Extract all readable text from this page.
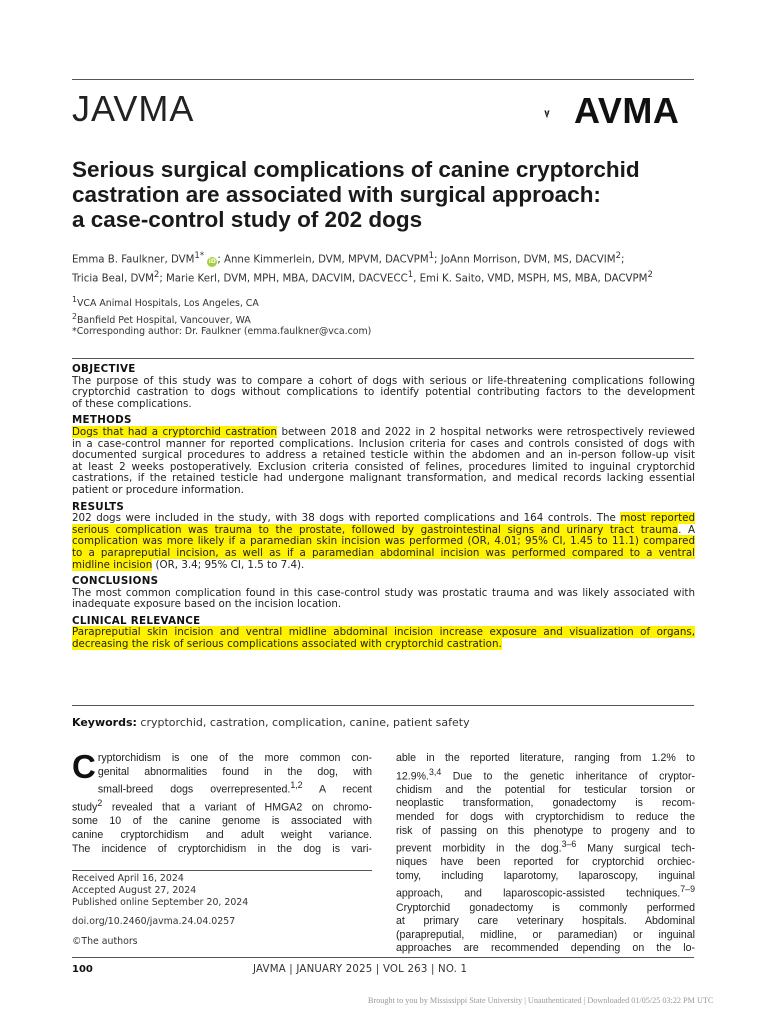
JAVMA	AVMA
Serious surgical complications of canine cryptorchid
castration are associated with surgical approach:
a case-control study of 202 dogs
Emma B. Faulkner, $DVM^{1*}$ iD; Anne Kimmerlein, DVM, MPVM, DACVPM$^1$; JoAnn Morrison, DVM, MS, DACVIM$^2$;
Tricia Beal, DVM$^2$; Marie Kerl, DVM, MPH, MBA, DACVIM, DACVECC$^1$, Emi K. Saito, VMD, MSPH, MS, MBA, DACVPM$^2$
$^1$VCA Animal Hospitals, Los Angeles, CA
$^2$Banfield Pet Hospital, Vancouver, WA
*Corresponding author: Dr. Faulkner (emma.faulkner@vca.com)
OBJECTIVE
The purpose of this study was to compare a cohort of dogs with serious or life-threatening complications following
cryptorchid castration to dogs without complications to identify potential contributing factors to the development
of these complications.
METHODS
Dogs that had a cryptorchid castration between 2018 and 2022 in 2 hospital networks were retrospectively reviewed
in a case-control manner for reported complications. Inclusion criteria for cases and controls consisted of dogs with
documented surgical procedures to address a retained testicle within the abdomen and an in-person follow-up visit
at least 2 weeks postoperatively. Exclusion criteria consisted of felines, procedures limited to inguinal cryptorchid
castrations, if the retained testicle had undergone malignant transformation, and medical records lacking essential
patient or procedure information.
RESULTS
202 dogs were included in the study, with 38 dogs with reported complications and 164 controls. The most reported
serious complication was trauma to the prostate, followed by gastrointestinal signs and urinary tract trauma. A
complication was more likely if a paramedian skin incision was performed (OR, 4.01; 95% CI, 1.45 to 11.1) compared
to a parapreputial incision, as well as if a paramedian abdominal incision was performed compared to a ventral
midline incision (OR, 3.4; 95% CI, 1.5 to 7.4).
CONCLUSIONS
The most common complication found in this case-control study was prostatic trauma and was likely associated with
inadequate exposure based on the incision location.
CLINICAL RELEVANCE
Parapreputial skin incision and ventral midline abdominal incision increase exposure and visualization of organs,
decreasing the risk of serious complications associated with cryptorchid castration.
Keywords: cryptorchid, castration, complication, canine, patient safety
C ryptorchidism is one of the more common con-
genital abnormalities found in the dog, with
small-breed dogs overrepresented.$^{1,2}$ A recent
study$^2$ revealed that a variant of HMGA2 on chromo-
some 10 of the canine genome is associated with
canine cryptorchidism and adult weight variance.
The incidence of cryptorchidism in the dog is vari-
able in the reported literature, ranging from 1.2% to
12.9%.$^{3,4}$ Due to the genetic inheritance of cryptor-
chidism and the potential for testicular torsion or
neoplastic transformation, gonadectomy is recom-
mended for dogs with cryptorchidism to reduce the
risk of passing on this phenotype to progeny and to
prevent morbidity in the dog.$^{3-6}$ Many surgical tech-
niques have been reported for cryptorchid orchiec-
tomy, including laparotomy, laparoscopy, inguinal
approach, and laparoscopic-assisted techniques.$^{7-9}$
Cryptorchid gonadectomy is commonly performed
at primary care veterinary hospitals. Abdominal
(parapreputial, midline, or paramedian) or inguinal
approaches are recommended depending on the lo-
Received April 16, 2024
Accepted August 27, 2024
Published online September 20, 2024
doi.org/10.2460/javma.24.04.0257
©The authors
100	JAVMA | JANUARY 2025 | VOL 263 | NO. 1
Brought to you by Mississippi State University | Unauthenticated | Downloaded 01/05/25 03:22 PM UTC
